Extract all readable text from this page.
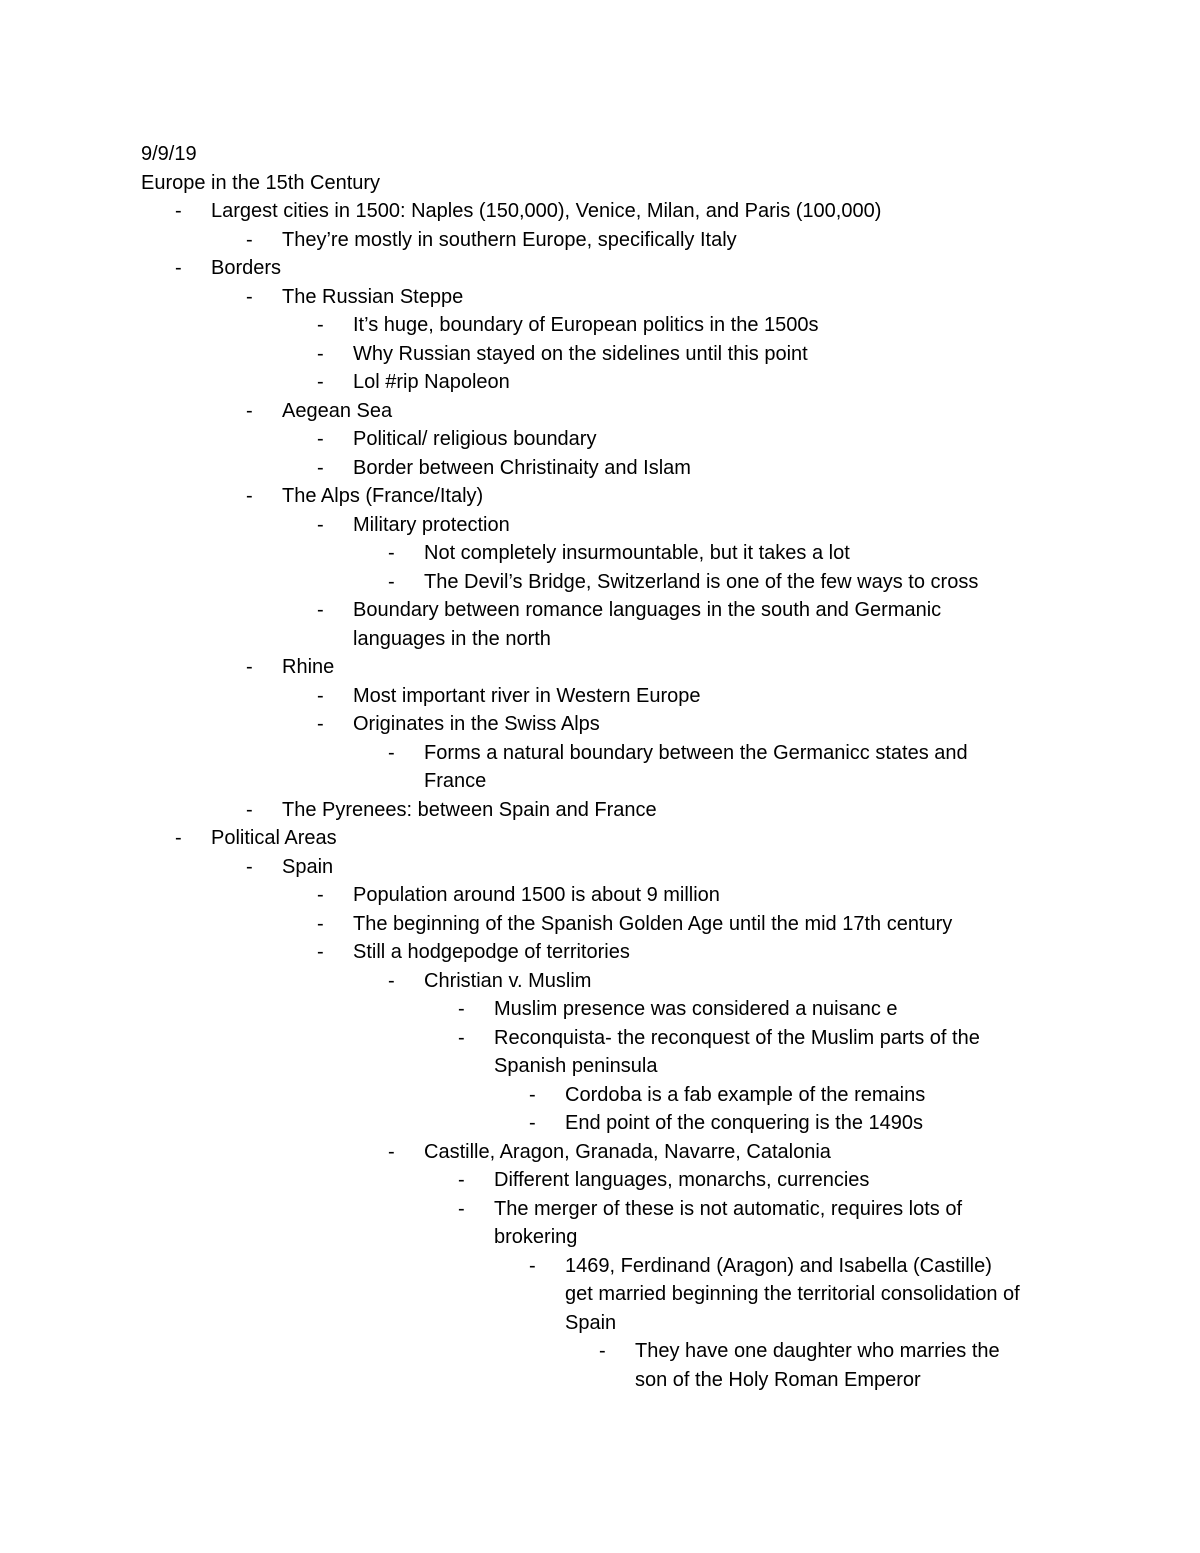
9/9/19
Europe in the 15th Century
- Largest cities in 1500: Naples (150,000), Venice, Milan, and Paris (100,000)
- They’re mostly in southern Europe, specifically Italy
- Borders
- The Russian Steppe
- It’s huge, boundary of European politics in the 1500s
- Why Russian stayed on the sidelines until this point
- Lol #rip Napoleon
- Aegean Sea
- Political/ religious boundary
- Border between Christinaity and Islam
- The Alps (France/Italy)
- Military protection
- Not completely insurmountable, but it takes a lot
- The Devil’s Bridge, Switzerland is one of the few ways to cross
- Boundary between romance languages in the south and Germanic
languages in the north
- Rhine
- Most important river in Western Europe
- Originates in the Swiss Alps
- Forms a natural boundary between the Germanicc states and
France
- The Pyrenees: between Spain and France
- Political Areas
- Spain
- Population around 1500 is about 9 million
- The beginning of the Spanish Golden Age until the mid 17th century
- Still a hodgepodge of territories
- Christian v. Muslim
- Muslim presence was considered a nuisanc e
- Reconquista- the reconquest of the Muslim parts of the
Spanish peninsula
- Cordoba is a fab example of the remains
- End point of the conquering is the 1490s
- Castille, Aragon, Granada, Navarre, Catalonia
- Different languages, monarchs, currencies
- The merger of these is not automatic, requires lots of
brokering
- 1469, Ferdinand (Aragon) and Isabella (Castille)
get married beginning the territorial consolidation of
Spain
- They have one daughter who marries the
son of the Holy Roman Emperor
